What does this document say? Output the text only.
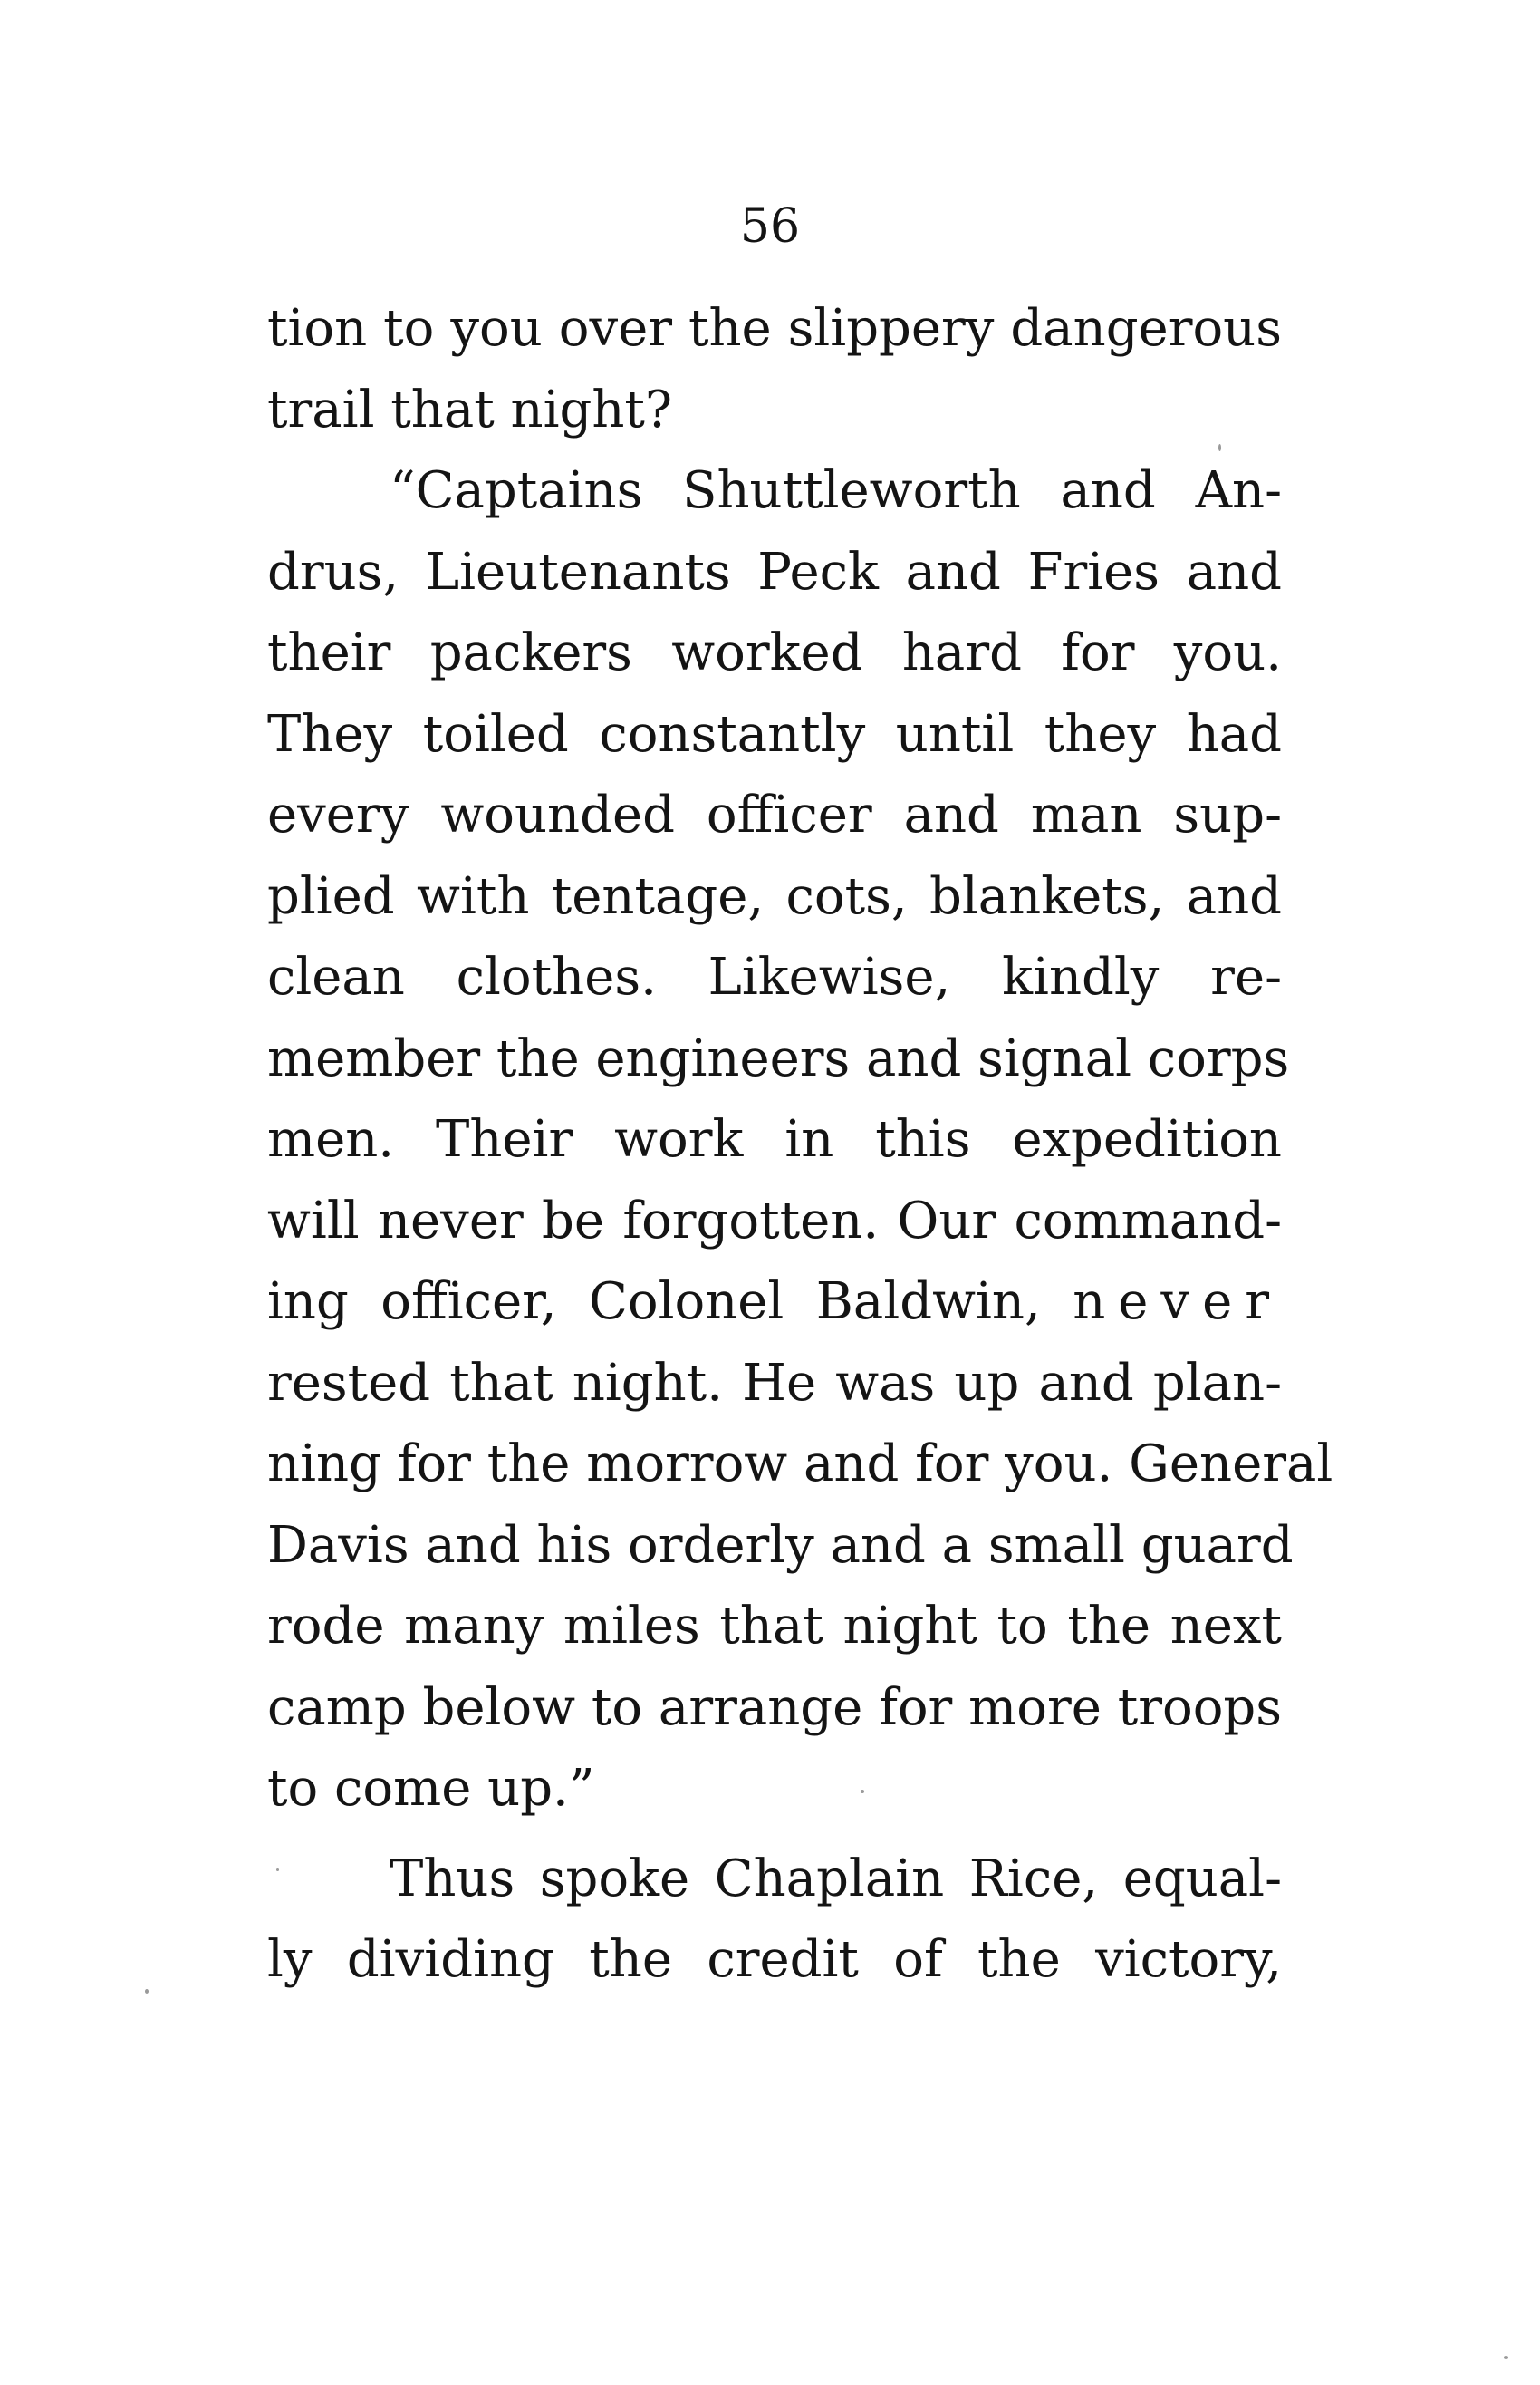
56
tion to you over the slippery dangerous
trail that night?
“Captains Shuttleworth and An-
drus, Lieutenants Peck and Fries and
their packers worked hard for you.
They toiled constantly until they had
every wounded officer and man sup-
plied with tentage, cots, blankets, and
clean clothes. Likewise, kindly re-
member the engineers and signal corps
men. Their work in this expedition
will never be forgotten. Our command-
ing officer, Colonel Baldwin, never
rested that night. He was up and plan-
ning for the morrow and for you. General
Davis and his orderly and a small guard
rode many miles that night to the next
camp below to arrange for more troops
to come up.”
Thus spoke Chaplain Rice, equal-
ly dividing the credit of the victory,
